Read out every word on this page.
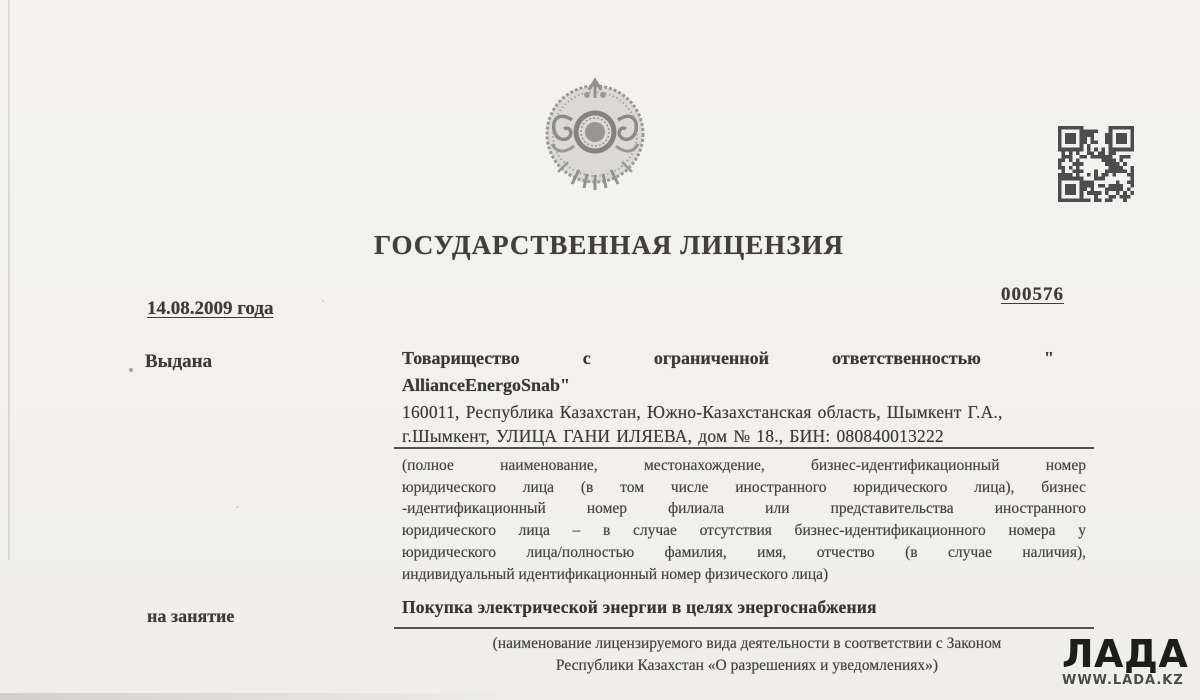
ГОСУДАРСТВЕННАЯ ЛИЦЕНЗИЯ
000576
14.08.2009 года
Выдана	Товарищество с ограниченной ответственностью "
AllianceEnergoSnab"
160011, Республика Казахстан, Южно-Казахстанская область, Шымкент Г.А.,
г.Шымкент, УЛИЦА ГАНИ ИЛЯЕВА, дом № 18., БИН: 080840013222
(полное наименование, местонахождение, бизнес-идентификационный номер
юридического лица (в том числе иностранного юридического лица), бизнес
-идентификационный номер филиала или представительства иностранного
юридического лица – в случае отсутствия бизнес-идентификационного номера у
юридического лица/полностью фамилия, имя, отчество (в случае наличия),
индивидуальный идентификационный номер физического лица)
на занятие	Покупка электрической энергии в целях энергоснабжения
(наименование лицензируемого вида деятельности в соответствии с Законом
Республики Казахстан «О разрешениях и уведомлениях»)	ЛАДА
WWW.LADA.KZ
